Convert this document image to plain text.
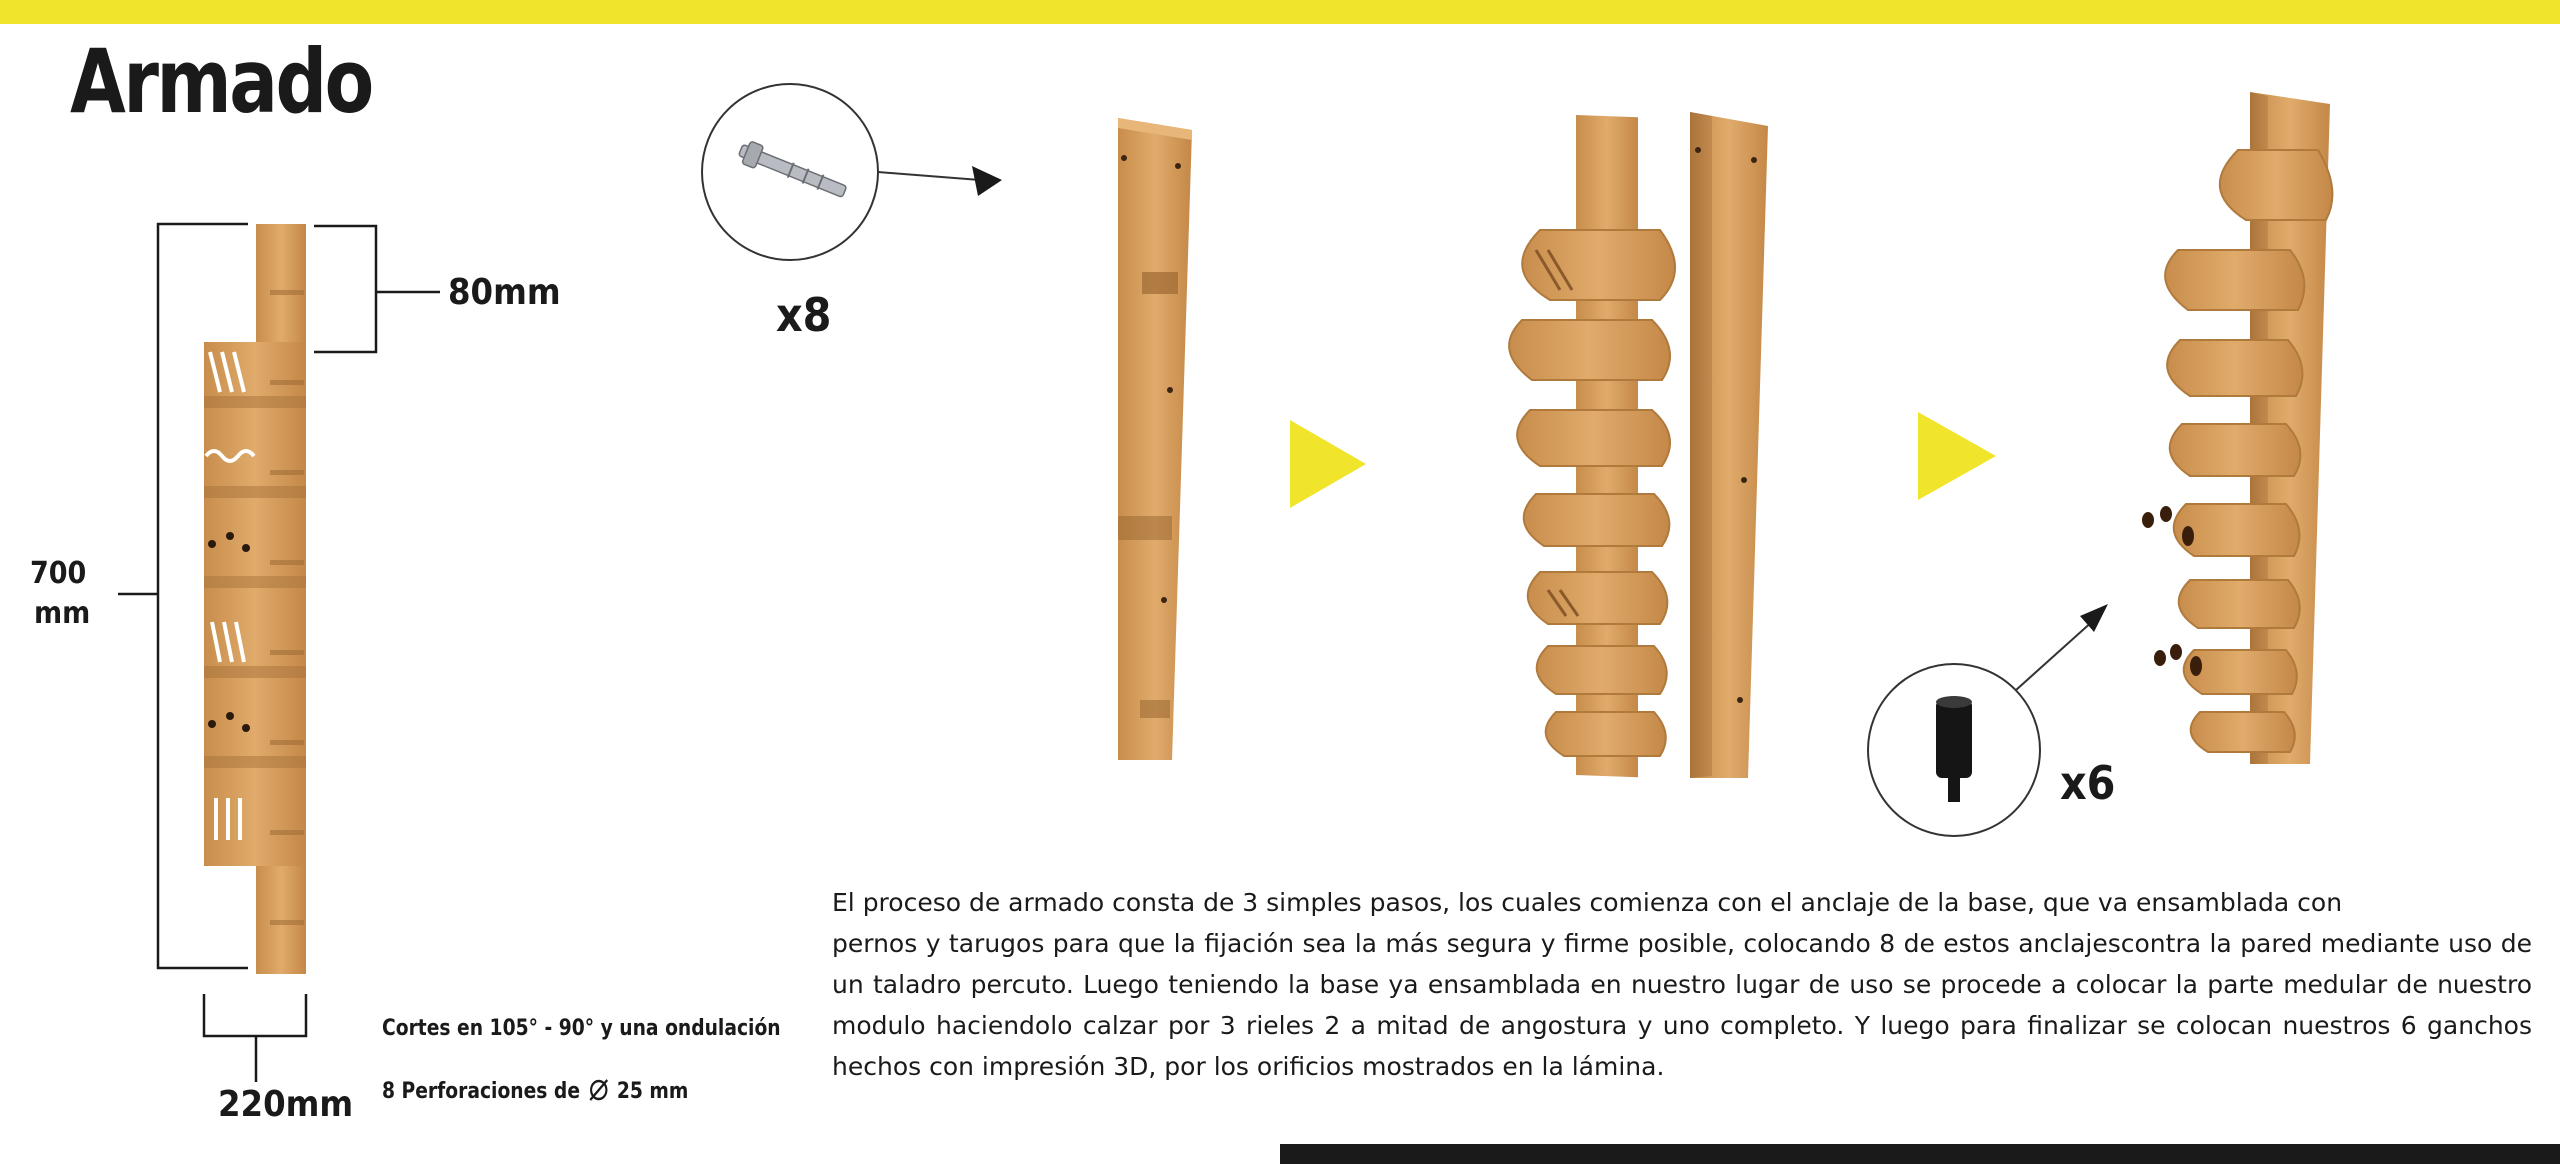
Armado
80mm
700
mm
220mm
x8
x6
Cortes en 105° - 90° y una ondulación
8 Perforaciones de 25 mm

El proceso de armado consta de 3 simples pasos, los cuales comienza con el anclaje de la base, que va ensamblada con

pernos y tarugos para que la fijación sea la más segura y firme posible, colocando 8 de estos anclajescontra la pared mediante uso de un taladro percuto. Luego teniendo la base ya ensamblada en nuestro lugar de uso se procede a colocar la parte medular de nuestro modulo haciendolo calzar por 3 rieles 2 a mitad de angostura y uno completo. Y luego para finalizar se colocan nuestros 6 ganchos hechos con impresión 3D, por los orificios mostrados en la lámina.
